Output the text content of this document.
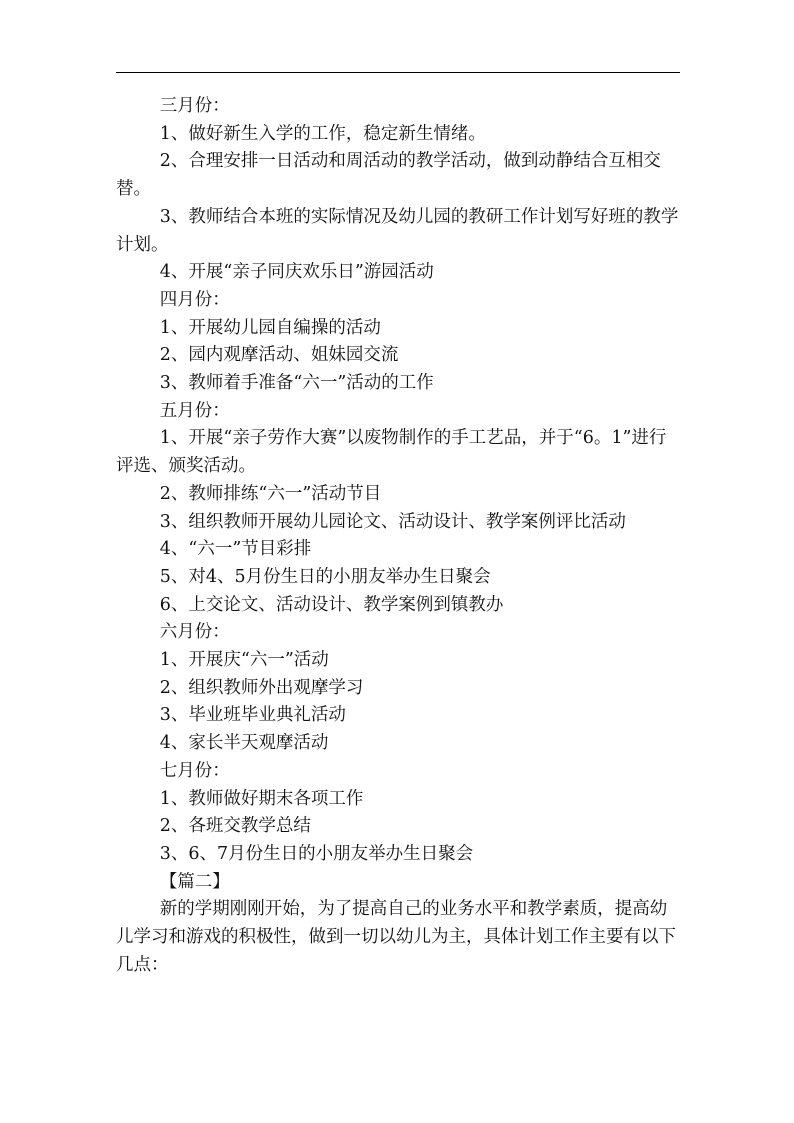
三月份：

1、做好新生入学的工作，稳定新生情绪。

2、合理安排一日活动和周活动的教学活动，做到动静结合互相交替。

3、教师结合本班的实际情况及幼儿园的教研工作计划写好班的教学计划。

4、开展“亲子同庆欢乐日”游园活动

四月份：

1、开展幼儿园自编操的活动

2、园内观摩活动、姐妹园交流

3、教师着手准备“六一”活动的工作

五月份：

1、开展“亲子劳作大赛”以废物制作的手工艺品，并于“6。1”进行评选、颁奖活动。

2、教师排练“六一”活动节目

3、组织教师开展幼儿园论文、活动设计、教学案例评比活动

4、“六一”节目彩排

5、对4、5月份生日的小朋友举办生日聚会

6、上交论文、活动设计、教学案例到镇教办

六月份：

1、开展庆“六一”活动

2、组织教师外出观摩学习

3、毕业班毕业典礼活动

4、家长半天观摩活动

七月份：

1、教师做好期末各项工作

2、各班交教学总结

3、6、7月份生日的小朋友举办生日聚会

【篇二】

新的学期刚刚开始，为了提高自己的业务水平和教学素质，提高幼儿学习和游戏的积极性，做到一切以幼儿为主，具体计划工作主要有以下几点：
